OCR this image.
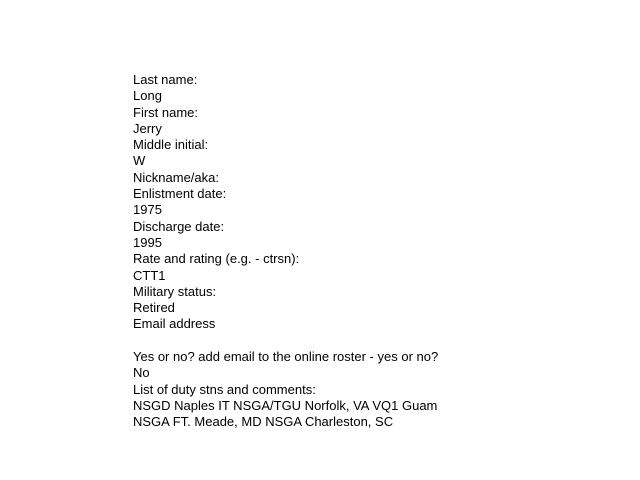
Last name:
Long
First name:
Jerry
Middle initial:
W
Nickname/aka:
Enlistment date:
1975
Discharge date:
1995
Rate and rating (e.g. - ctrsn):
CTT1
Military status:
Retired
Email address
Yes or no? add email to the online roster - yes or no?
No
List of duty stns and comments:
NSGD Naples IT NSGA/TGU Norfolk, VA VQ1 Guam
NSGA FT. Meade, MD NSGA Charleston, SC
